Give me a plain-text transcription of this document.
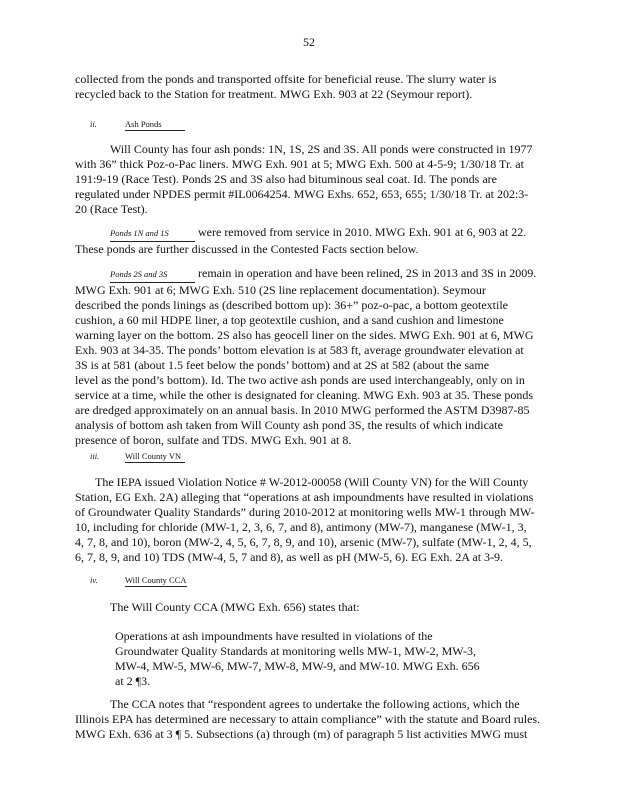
52
collected from the ponds and transported offsite for beneficial reuse. The slurry water is
recycled back to the Station for treatment. MWG Exh. 903 at 22 (Seymour report).
ii.	Ash Ponds
Will County has four ash ponds: 1N, 1S, 2S and 3S. All ponds were constructed in 1977
with 36” thick Poz-o-Pac liners. MWG Exh. 901 at 5; MWG Exh. 500 at 4-5-9; 1/30/18 Tr. at
191:9-19 (Race Test). Ponds 2S and 3S also had bituminous seal coat. Id. The ponds are
regulated under NPDES permit #IL0064254. MWG Exhs. 652, 653, 655; 1/30/18 Tr. at 202:3-
20 (Race Test).
Ponds 1N and 1S were removed from service in 2010. MWG Exh. 901 at 6, 903 at 22.
These ponds are further discussed in the Contested Facts section below.
Ponds 2S and 3S remain in operation and have been relined, 2S in 2013 and 3S in 2009.
MWG Exh. 901 at 6; MWG Exh. 510 (2S line replacement documentation). Seymour
described the ponds linings as (described bottom up): 36+” poz-o-pac, a bottom geotextile
cushion, a 60 mil HDPE liner, a top geotextile cushion, and a sand cushion and limestone
warning layer on the bottom. 2S also has geocell liner on the sides. MWG Exh. 901 at 6, MWG
Exh. 903 at 34-35. The ponds’ bottom elevation is at 583 ft, average groundwater elevation at
3S is at 581 (about 1.5 feet below the ponds’ bottom) and at 2S at 582 (about the same
level as the pond’s bottom). Id. The two active ash ponds are used interchangeably, only on in
service at a time, while the other is designated for cleaning. MWG Exh. 903 at 35. These ponds
are dredged approximately on an annual basis. In 2010 MWG performed the ASTM D3987-85
analysis of bottom ash taken from Will County ash pond 3S, the results of which indicate
presence of boron, sulfate and TDS. MWG Exh. 901 at 8.
iii.	Will County VN
The IEPA issued Violation Notice # W-2012-00058 (Will County VN) for the Will County
Station, EG Exh. 2A) alleging that “operations at ash impoundments have resulted in violations
of Groundwater Quality Standards” during 2010-2012 at monitoring wells MW-1 through MW-
10, including for chloride (MW-1, 2, 3, 6, 7, and 8), antimony (MW-7), manganese (MW-1, 3,
4, 7, 8, and 10), boron (MW-2, 4, 5, 6, 7, 8, 9, and 10), arsenic (MW-7), sulfate (MW-1, 2, 4, 5,
6, 7, 8, 9, and 10) TDS (MW-4, 5, 7 and 8), as well as pH (MW-5, 6). EG Exh. 2A at 3-9.
iv.	Will County CCA
The Will County CCA (MWG Exh. 656) states that:
Operations at ash impoundments have resulted in violations of the
Groundwater Quality Standards at monitoring wells MW-1, MW-2, MW-3,
MW-4, MW-5, MW-6, MW-7, MW-8, MW-9, and MW-10. MWG Exh. 656
at 2 ¶3.
The CCA notes that “respondent agrees to undertake the following actions, which the
Illinois EPA has determined are necessary to attain compliance” with the statute and Board rules.
MWG Exh. 636 at 3 ¶ 5. Subsections (a) through (m) of paragraph 5 list activities MWG must
